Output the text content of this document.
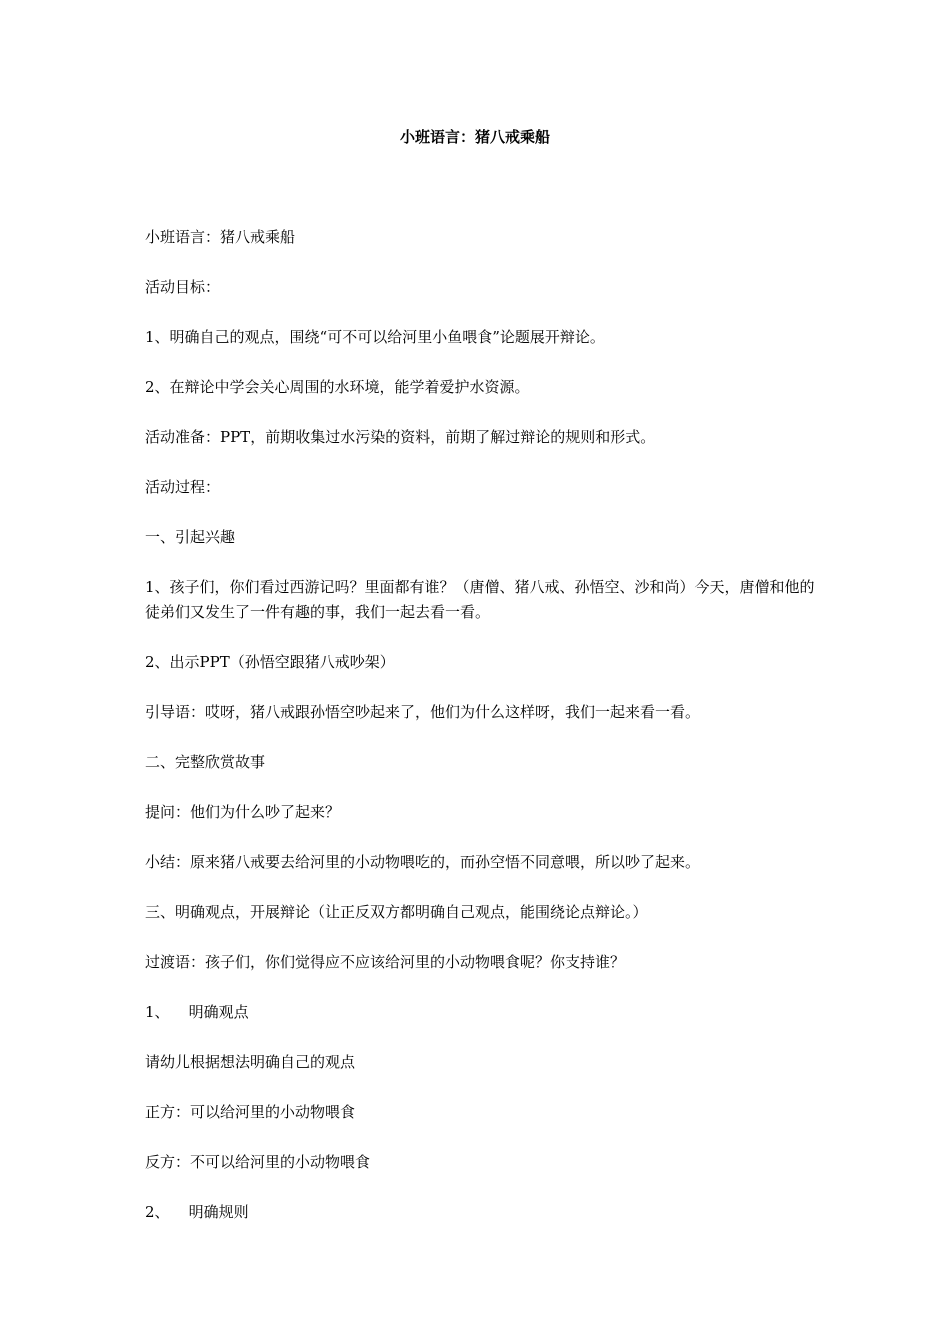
小班语言：猪八戒乘船

小班语言：猪八戒乘船

活动目标：

1、明确自己的观点，围绕“可不可以给河里小鱼喂食”论题展开辩论。

2、在辩论中学会关心周围的水环境，能学着爱护水资源。

活动准备：PPT，前期收集过水污染的资料，前期了解过辩论的规则和形式。

活动过程：

一、引起兴趣

1、孩子们，你们看过西游记吗？里面都有谁？（唐僧、猪八戒、孙悟空、沙和尚）今天，唐僧和他的徒弟们又发生了一件有趣的事，我们一起去看一看。

2、出示PPT（孙悟空跟猪八戒吵架）

引导语：哎呀，猪八戒跟孙悟空吵起来了，他们为什么这样呀，我们一起来看一看。

二、完整欣赏故事

提问：他们为什么吵了起来？

小结：原来猪八戒要去给河里的小动物喂吃的，而孙空悟不同意喂，所以吵了起来。

三、明确观点，开展辩论（让正反双方都明确自己观点，能围绕论点辩论。）

过渡语：孩子们，你们觉得应不应该给河里的小动物喂食呢？你支持谁？

1、    明确观点

请幼儿根据想法明确自己的观点

正方：可以给河里的小动物喂食

反方：不可以给河里的小动物喂食

2、    明确规则
